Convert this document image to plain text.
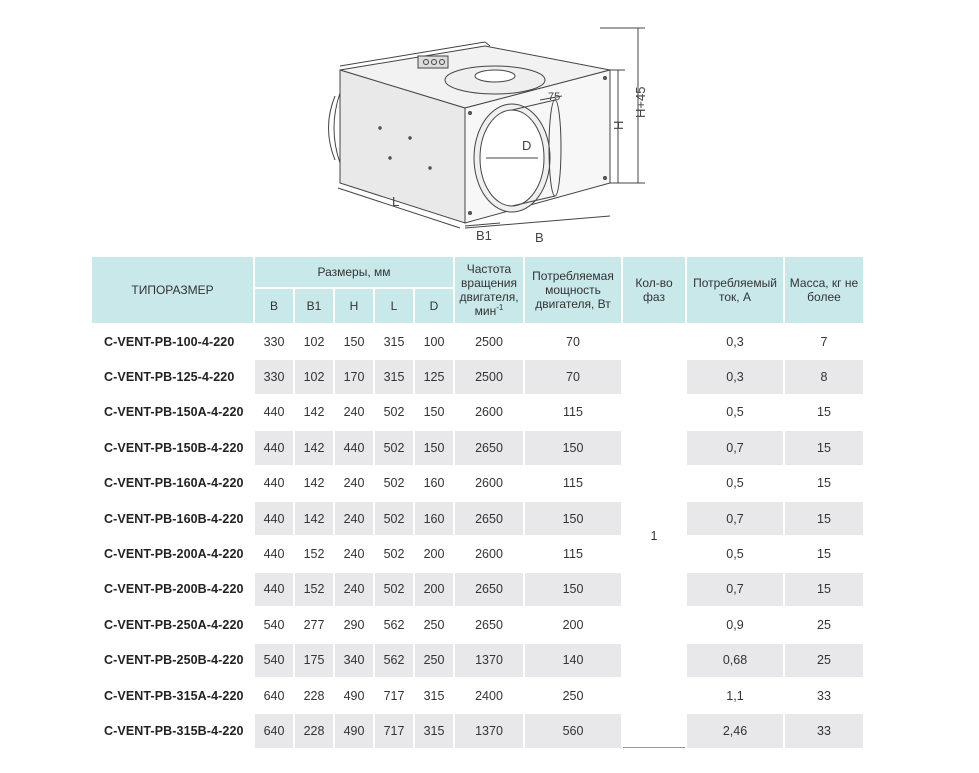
L
B
B1
D
75
H
H+45
ТИПОРАЗМЕР	Размеры, мм					Частота вращения двигателя, мин$^{-1}$	Потребляемая мощность двигателя, Вт	Кол-во фаз	Потребляемый ток, А	Масса, кг не более
	B	B1	H	L	D					
C-VENT-PB-100-4-220	330	102	150	315	100	2500	70	1	0,3	7
C-VENT-PB-125-4-220	330	102	170	315	125	2500	70		0,3	8
C-VENT-PB-150A-4-220	440	142	240	502	150	2600	115		0,5	15
C-VENT-PB-150B-4-220	440	142	440	502	150	2650	150		0,7	15
C-VENT-PB-160A-4-220	440	142	240	502	160	2600	115		0,5	15
C-VENT-PB-160B-4-220	440	142	240	502	160	2650	150		0,7	15
C-VENT-PB-200A-4-220	440	152	240	502	200	2600	115		0,5	15
C-VENT-PB-200B-4-220	440	152	240	502	200	2650	150		0,7	15
C-VENT-PB-250A-4-220	540	277	290	562	250	2650	200		0,9	25
C-VENT-PB-250B-4-220	540	175	340	562	250	1370	140		0,68	25
C-VENT-PB-315A-4-220	640	228	490	717	315	2400	250		1,1	33
C-VENT-PB-315B-4-220	640	228	490	717	315	1370	560		2,46	33
